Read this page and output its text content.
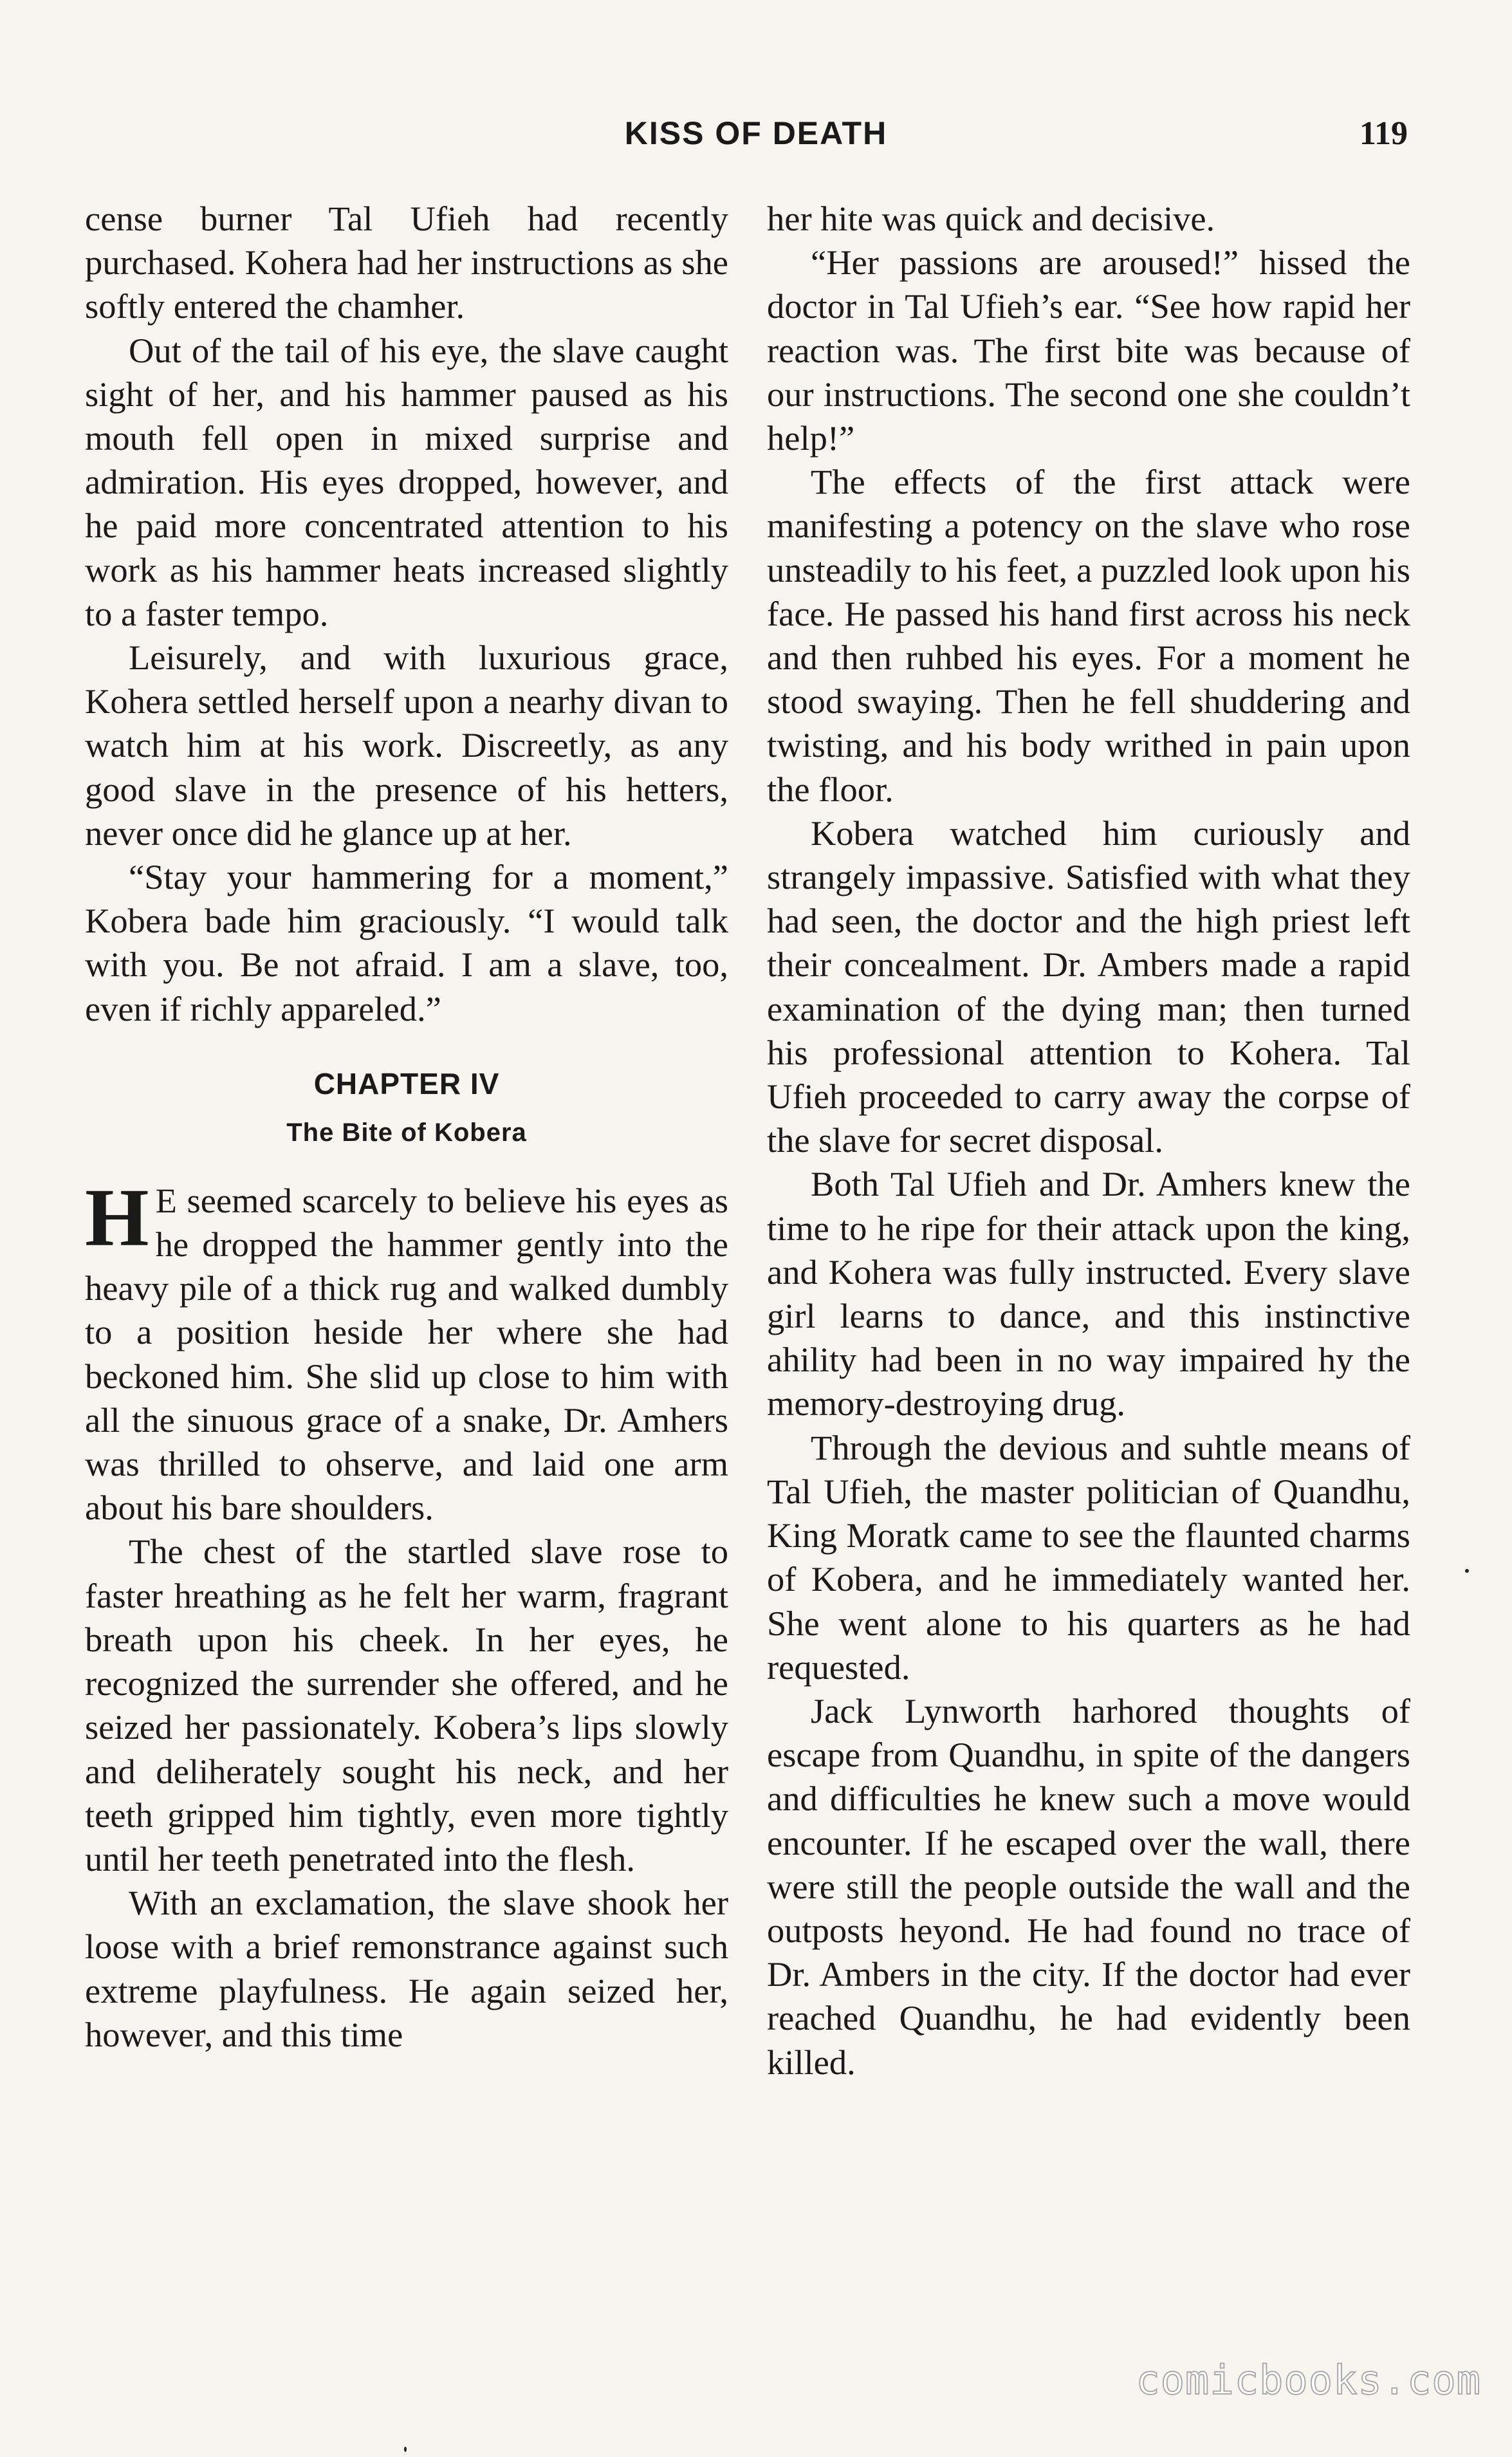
KISS OF DEATH	119

cense burner Tal Ufieh had recently purchased. Kohera had her instructions as she softly entered the chamher.

Out of the tail of his eye, the slave caught sight of her, and his hammer paused as his mouth fell open in mixed surprise and admiration. His eyes dropped, however, and he paid more concentrated attention to his work as his hammer heats increased slightly to a faster tempo.

Leisurely, and with luxurious grace, Kohera settled herself upon a nearhy divan to watch him at his work. Discreetly, as any good slave in the presence of his hetters, never once did he glance up at her.

“Stay your hammering for a moment,” Kobera bade him graciously. “I would talk with you. Be not afraid. I am a slave, too, even if richly appareled.”

CHAPTER IV
The Bite of Kobera

H E seemed scarcely to believe his eyes as he dropped the hammer gently into the heavy pile of a thick rug and walked dumbly to a position heside her where she had beckoned him. She slid up close to him with all the sinuous grace of a snake, Dr. Amhers was thrilled to ohserve, and laid one arm about his bare shoulders.

The chest of the startled slave rose to faster hreathing as he felt her warm, fragrant breath upon his cheek. In her eyes, he recognized the surrender she offered, and he seized her passionately. Kobera’s lips slowly and deliherately sought his neck, and her teeth gripped him tightly, even more tightly until her teeth penetrated into the flesh.

With an exclamation, the slave shook her loose with a brief remonstrance against such extreme playfulness. He again seized her, however, and this time

her hite was quick and decisive.

“Her passions are aroused!” hissed the doctor in Tal Ufieh’s ear. “See how rapid her reaction was. The first bite was because of our instructions. The second one she couldn’t help!”

The effects of the first attack were manifesting a potency on the slave who rose unsteadily to his feet, a puzzled look upon his face. He passed his hand first across his neck and then ruhbed his eyes. For a moment he stood swaying. Then he fell shuddering and twisting, and his body writhed in pain upon the floor.

Kobera watched him curiously and strangely impassive. Satisfied with what they had seen, the doctor and the high priest left their concealment. Dr. Ambers made a rapid examination of the dying man; then turned his professional attention to Kohera. Tal Ufieh proceeded to carry away the corpse of the slave for secret disposal.

Both Tal Ufieh and Dr. Amhers knew the time to he ripe for their attack upon the king, and Kohera was fully instructed. Every slave girl learns to dance, and this instinctive ahility had been in no way impaired hy the memory-destroying drug.

Through the devious and suhtle means of Tal Ufieh, the master politician of Quandhu, King Moratk came to see the flaunted charms of Kobera, and he immediately wanted her. She went alone to his quarters as he had requested.

Jack Lynworth harhored thoughts of escape from Quandhu, in spite of the dangers and difficulties he knew such a move would encounter. If he escaped over the wall, there were still the people outside the wall and the outposts heyond. He had found no trace of Dr. Ambers in the city. If the doctor had ever reached Quandhu, he had evidently been killed.

comicbooks.com
